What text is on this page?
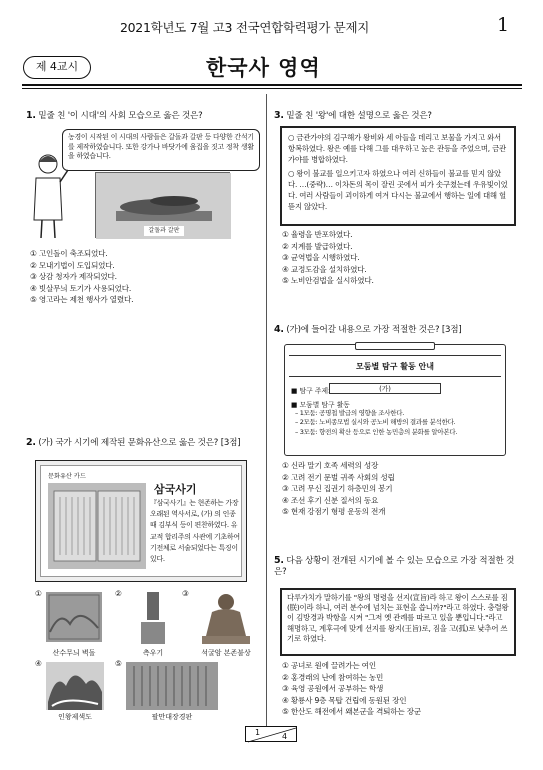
2021학년도 7월 고3 전국연합학력평가 문제지	1
제 4교시	한국사 영역
1. 밑줄 친 '이 시대'의 사회 모습으로 옳은 것은?
농경이 시작된 이 시대의 사람들은 갈돌과 갈판 등 다양한 간석기를 제작하였습니다. 또한 강가나 바닷가에 움집을 짓고 정착 생활을 하였습니다.
갈돌과 갈판
① 고인돌이 축조되었다.
② 모내기법이 도입되었다.
③ 상감 청자가 제작되었다.
④ 빗살무늬 토기가 사용되었다.
⑤ 영고라는 제천 행사가 열렸다.
2. (가) 국가 시기에 제작된 문화유산으로 옳은 것은? [3점]
문화유산 카드
삼국사기
『삼국사기』는 현존하는 가장 오래된 역사서로, (가) 의 인종 때 김부식 등이 편찬하였다. 유교적 합리주의 사관에 기초하여 기전체로 서술되었다는 특징이 있다.
①
산수무늬 벽돌
②
측우기
③
석굴암 본존불상
④
인왕제색도
⑤
팔만대장경판
3. 밑줄 친 '왕'에 대한 설명으로 옳은 것은?
○ 금관가야의 김구해가 왕비와 세 아들을 데리고 보물을 가지고 와서 항복하였다. 왕은 예를 다해 그를 대우하고 높은 관등을 주었으며, 금관가야를 병합하였다.
○ 왕이 불교를 일으키고자 하였으나 여러 신하들이 불교를 믿지 않았다. …(중략)… 이차돈의 목이 잘린 곳에서 피가 솟구쳤는데 우유빛이었다. 여러 사람들이 괴이하게 여겨 다시는 불교에서 행하는 일에 대해 헐뜯지 않았다.
① 율령을 반포하였다.
② 지계를 발급하였다.
③ 균역법을 시행하였다.
④ 교정도감을 설치하였다.
⑤ 노비안검법을 실시하였다.
4. (가)에 들어갈 내용으로 가장 적절한 것은? [3점]
모둠별 탐구 활동 안내
■ 탐구 주제:	(가)
■ 모둠별 탐구 활동
– 1모둠: 공명첩 발급의 영향을 조사한다.
– 2모둠: 노비종모법 실시와 공노비 해방의 결과를 분석한다.
– 3모둠: 향전의 확산 등으로 인한 농민층의 분화를 알아본다.
① 신라 말기 호족 세력의 성장
② 고려 전기 문벌 귀족 사회의 성립
③ 고려 무신 집권기 하층민의 봉기
④ 조선 후기 신분 질서의 동요
⑤ 현재 강점기 형평 운동의 전개
5. 다음 상황이 전개된 시기에 볼 수 있는 모습으로 가장 적절한 것은?
다루가치가 말하기를 "왕의 명령을 선지(宣旨)라 하고 왕이 스스로를 짐(朕)이라 하니, 여러 분수에 넘치는 표현을 씁니까?"라고 하였다. 충렬왕이 김방경과 박항을 시켜 "그저 옛 관례를 따르고 있을 뿐입니다."라고 해명하고, 계후극에 맞게 선지를 왕지(王旨)로, 짐을 고(孤)로 낮추어 쓰기로 하였다.
① 공녀로 원에 끌려가는 여인
② 홍경래의 난에 참여하는 농민
③ 육영 공원에서 공부하는 학생
④ 황룡사 9층 목탑 건립에 동원된 장인
⑤ 한산도 해전에서 왜본군을 격퇴하는 장군
1	4
